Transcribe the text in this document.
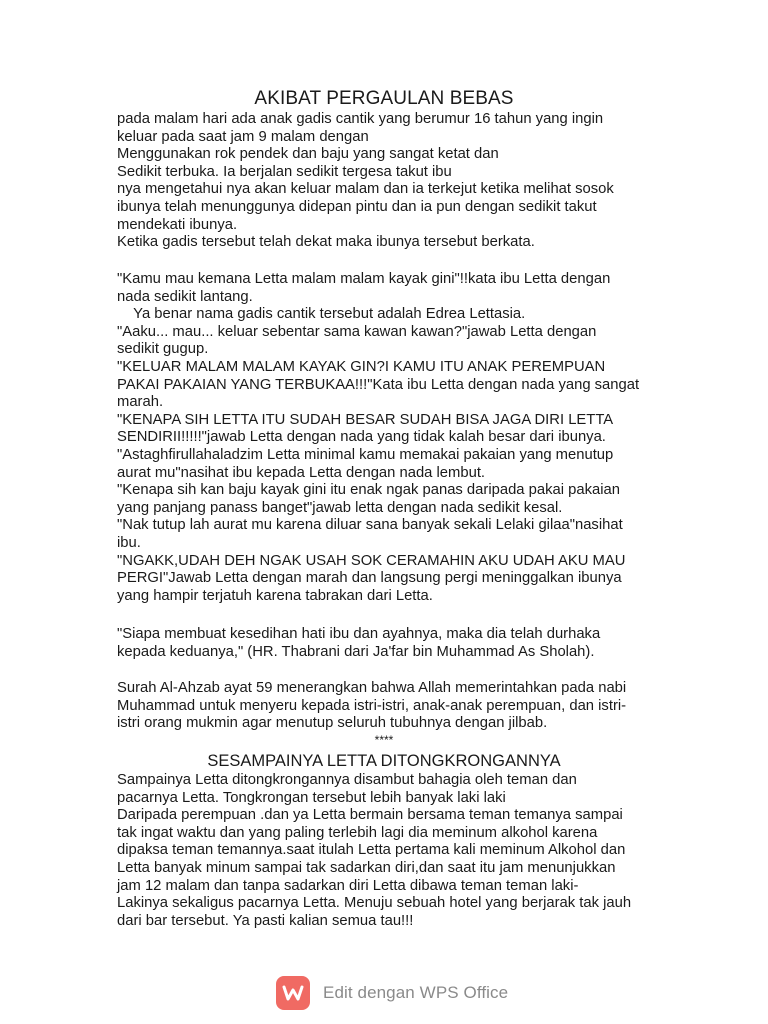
AKIBAT PERGAULAN BEBAS

pada malam hari ada anak gadis cantik yang berumur 16 tahun yang ingin

keluar pada saat jam 9 malam dengan

Menggunakan rok pendek dan baju yang sangat ketat dan

Sedikit terbuka. Ia berjalan sedikit tergesa takut ibu

nya mengetahui nya akan keluar malam dan ia terkejut ketika melihat sosok

ibunya telah menunggunya didepan pintu dan ia pun dengan sedikit takut

mendekati ibunya.

Ketika gadis tersebut telah dekat maka ibunya tersebut berkata.

"Kamu mau kemana Letta malam malam kayak gini"!!kata ibu Letta dengan

nada sedikit lantang.

Ya benar nama gadis cantik tersebut adalah Edrea Lettasia.

"Aaku... mau... keluar sebentar sama kawan kawan?"jawab Letta dengan

sedikit gugup.

"KELUAR MALAM MALAM KAYAK GIN?I KAMU ITU ANAK PEREMPUAN

PAKAI PAKAIAN YANG TERBUKAA!!!"Kata ibu Letta dengan nada yang sangat

marah.

"KENAPA SIH LETTA ITU SUDAH BESAR SUDAH BISA JAGA DIRI LETTA

SENDIRII!!!!!"jawab Letta dengan nada yang tidak kalah besar dari ibunya.

"Astaghfirullahaladzim Letta minimal kamu memakai pakaian yang menutup

aurat mu"nasihat ibu kepada Letta dengan nada lembut.

"Kenapa sih kan baju kayak gini itu enak ngak panas daripada pakai pakaian

yang panjang panass banget"jawab letta dengan nada sedikit kesal.

"Nak tutup lah aurat mu karena diluar sana banyak sekali Lelaki gilaa"nasihat

ibu.

"NGAKK,UDAH DEH NGAK USAH SOK CERAMAHIN AKU UDAH AKU MAU

PERGI"Jawab Letta dengan marah dan langsung pergi meninggalkan ibunya

yang hampir terjatuh karena tabrakan dari Letta.

"Siapa membuat kesedihan hati ibu dan ayahnya, maka dia telah durhaka

kepada keduanya," (HR. Thabrani dari Ja'far bin Muhammad As Sholah).

Surah Al-Ahzab ayat 59 menerangkan bahwa Allah memerintahkan pada nabi

Muhammad untuk menyeru kepada istri-istri, anak-anak perempuan, dan istri-

istri orang mukmin agar menutup seluruh tubuhnya dengan jilbab.

****
SESAMPAINYA LETTA DITONGKRONGANNYA

Sampainya Letta ditongkrongannya disambut bahagia oleh teman dan

pacarnya Letta. Tongkrongan tersebut lebih banyak laki laki

Daripada perempuan .dan ya Letta bermain bersama teman temanya sampai

tak ingat waktu dan yang paling terlebih lagi dia meminum alkohol karena

dipaksa teman temannya.saat itulah Letta pertama kali meminum Alkohol dan

Letta banyak minum sampai tak sadarkan diri,dan saat itu jam menunjukkan

jam 12 malam dan tanpa sadarkan diri Letta dibawa teman teman laki-

Lakinya sekaligus pacarnya Letta. Menuju sebuah hotel yang berjarak tak jauh

dari bar tersebut. Ya pasti kalian semua tau!!!

Edit dengan WPS Office
